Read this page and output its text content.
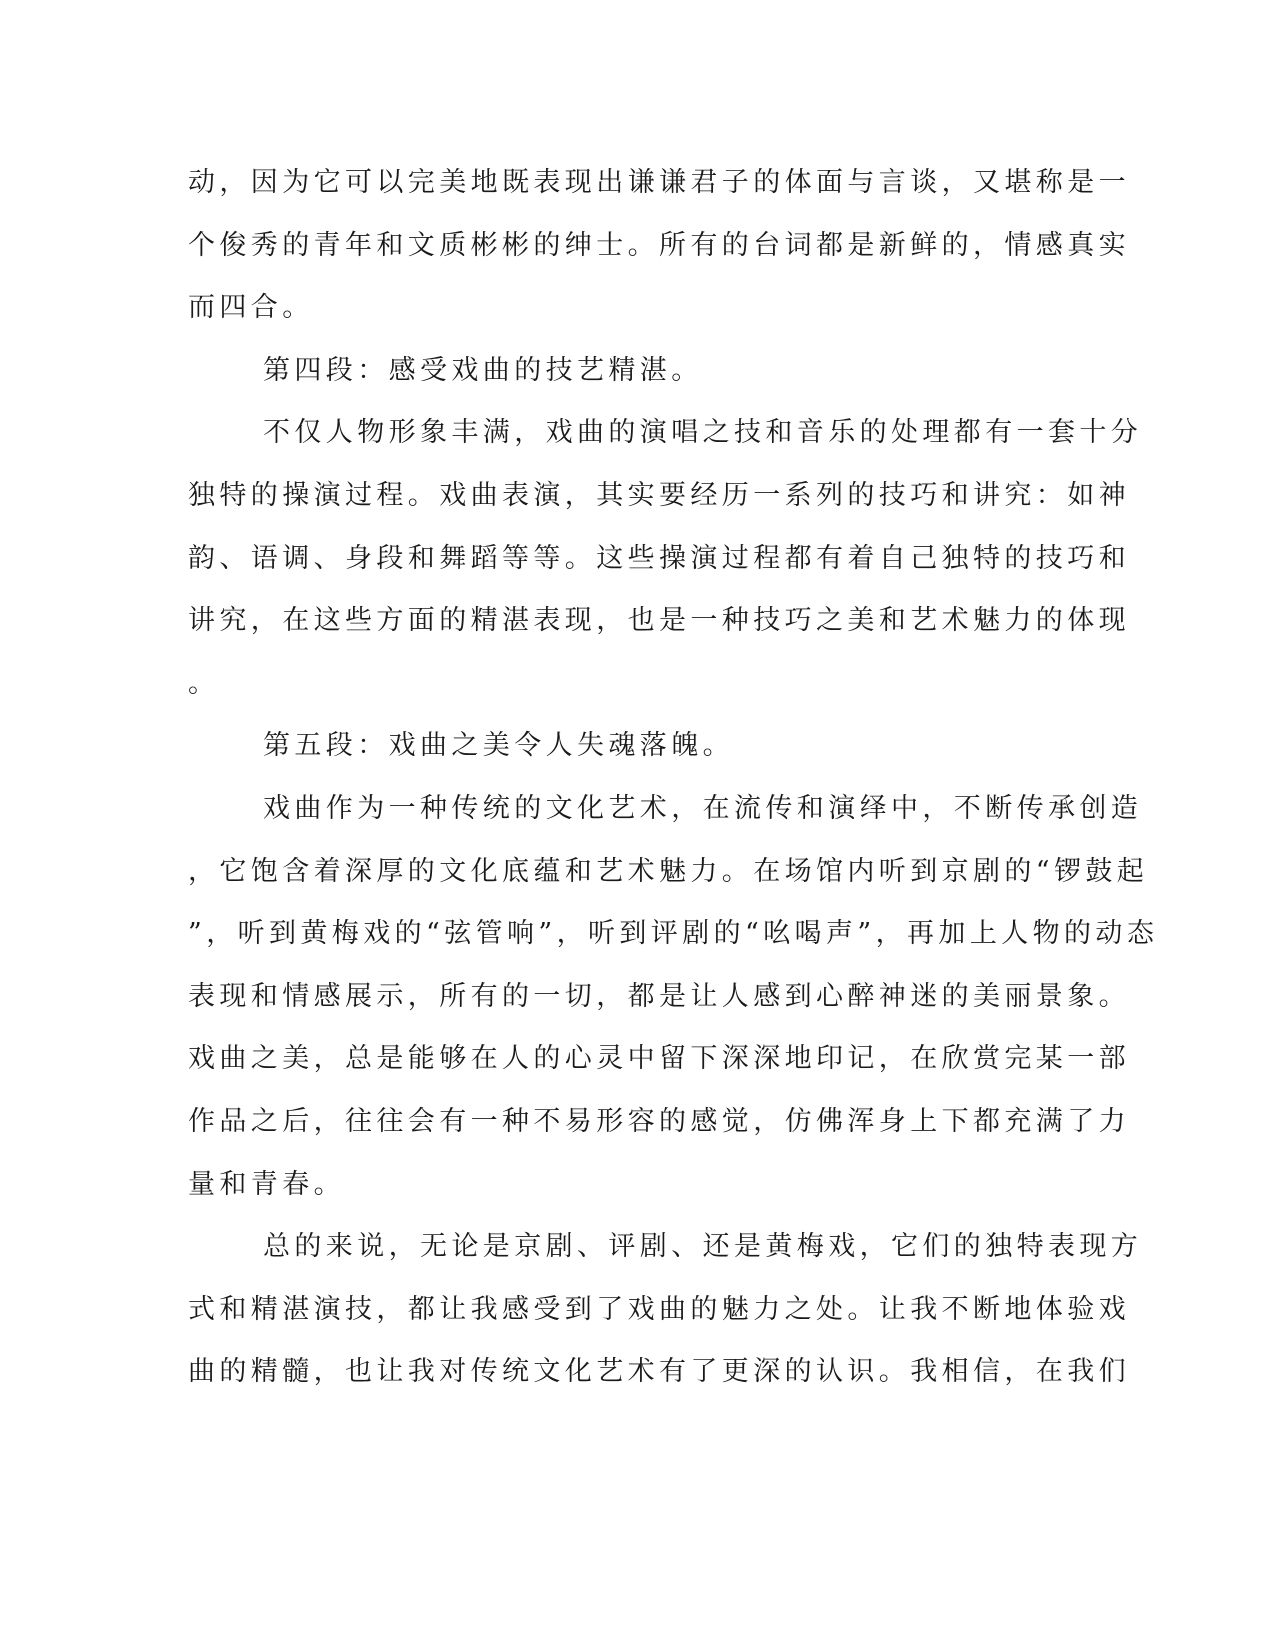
动，因为它可以完美地既表现出谦谦君子的体面与言谈，又堪称是一
个俊秀的青年和文质彬彬的绅士。所有的台词都是新鲜的，情感真实
而四合。
第四段：感受戏曲的技艺精湛。
不仅人物形象丰满，戏曲的演唱之技和音乐的处理都有一套十分
独特的操演过程。戏曲表演，其实要经历一系列的技巧和讲究：如神
韵、语调、身段和舞蹈等等。这些操演过程都有着自己独特的技巧和
讲究，在这些方面的精湛表现，也是一种技巧之美和艺术魅力的体现
。
第五段：戏曲之美令人失魂落魄。
戏曲作为一种传统的文化艺术，在流传和演绎中，不断传承创造
，它饱含着深厚的文化底蕴和艺术魅力。在场馆内听到京剧的“锣鼓起
”，听到黄梅戏的“弦管响”，听到评剧的“吆喝声”，再加上人物的动态
表现和情感展示，所有的一切，都是让人感到心醉神迷的美丽景象。
戏曲之美，总是能够在人的心灵中留下深深地印记，在欣赏完某一部
作品之后，往往会有一种不易形容的感觉，仿佛浑身上下都充满了力
量和青春。
总的来说，无论是京剧、评剧、还是黄梅戏，它们的独特表现方
式和精湛演技，都让我感受到了戏曲的魅力之处。让我不断地体验戏
曲的精髓，也让我对传统文化艺术有了更深的认识。我相信，在我们
